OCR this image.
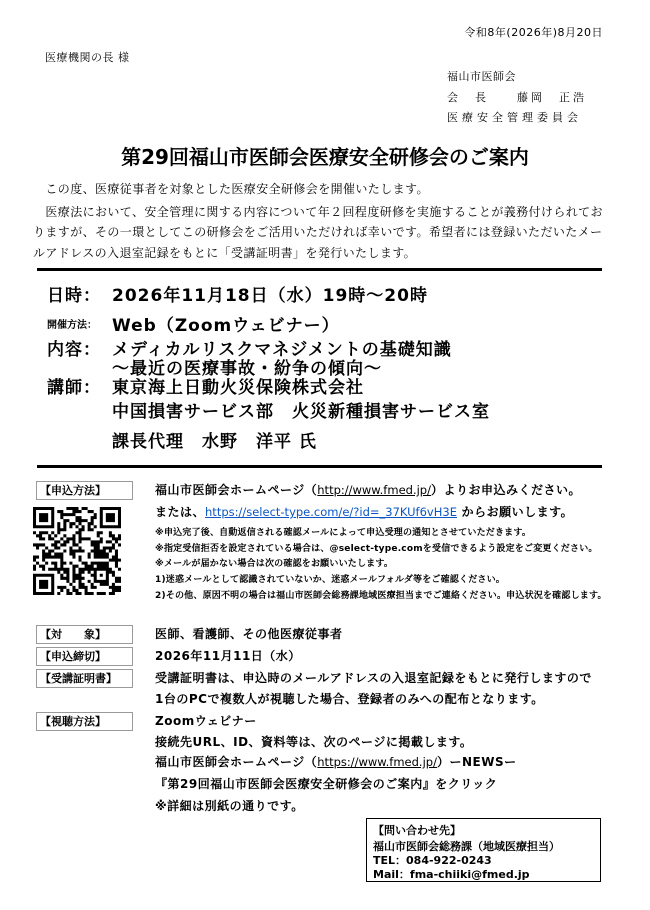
令和8年(2026年)8月20日
医療機関の長 様
福山市医師会
会　長　　藤岡　正浩
医療安全管理委員会
第29回福山市医師会医療安全研修会のご案内
　この度、医療従事者を対象とした医療安全研修会を開催いたします。
　医療法において、安全管理に関する内容について年２回程度研修を実施することが義務付けられてお
りますが、その一環としてこの研修会をご活用いただければ幸いです。希望者には登録いただいたメー
ルアドレスの入退室記録をもとに「受講証明書」を発行いたします。
日時： 2026年11月18日（水）19時～20時
開催方法： Web（Zoomウェビナー）
内容： メディカルリスクマネジメントの基礎知識
～最近の医療事故・紛争の傾向～
講師： 東京海上日動火災保険株式会社
中国損害サービス部　火災新種損害サービス室
課長代理　水野　洋平 氏
【申込方法】	福山市医師会ホームページ（http://www.fmed.jp/）よりお申込みください。
または、https://select-type.com/e/?id=_37KUf6vH3E からお願いします。
※申込完了後、自動返信される確認メールによって申込受理の通知とさせていただきます。
※指定受信拒否を設定されている場合は、@select-type.comを受信できるよう設定をご変更ください。
※メールが届かない場合は次の確認をお願いいたします。
1)迷惑メールとして認識されていないか、迷惑メールフォルダ等をご確認ください。
2)その他、原因不明の場合は福山市医師会総務課地域医療担当までご連絡ください。申込状況を確認します。
【対　　象】	医師、看護師、その他医療従事者
【申込締切】	2026年11月11日（水）
【受講証明書】	受講証明書は、申込時のメールアドレスの入退室記録をもとに発行しますので
1台のPCで複数人が視聴した場合、登録者のみへの配布となります。
【視聴方法】	Zoomウェビナー
接続先URL、ID、資料等は、次のページに掲載します。
福山市医師会ホームページ（https://www.fmed.jp/）ーNEWSー
『第29回福山市医師会医療安全研修会のご案内』をクリック
※詳細は別紙の通りです。
【問い合わせ先】
福山市医師会総務課（地域医療担当）
TEL：084-922-0243
Mail：fma-chiiki@fmed.jp
